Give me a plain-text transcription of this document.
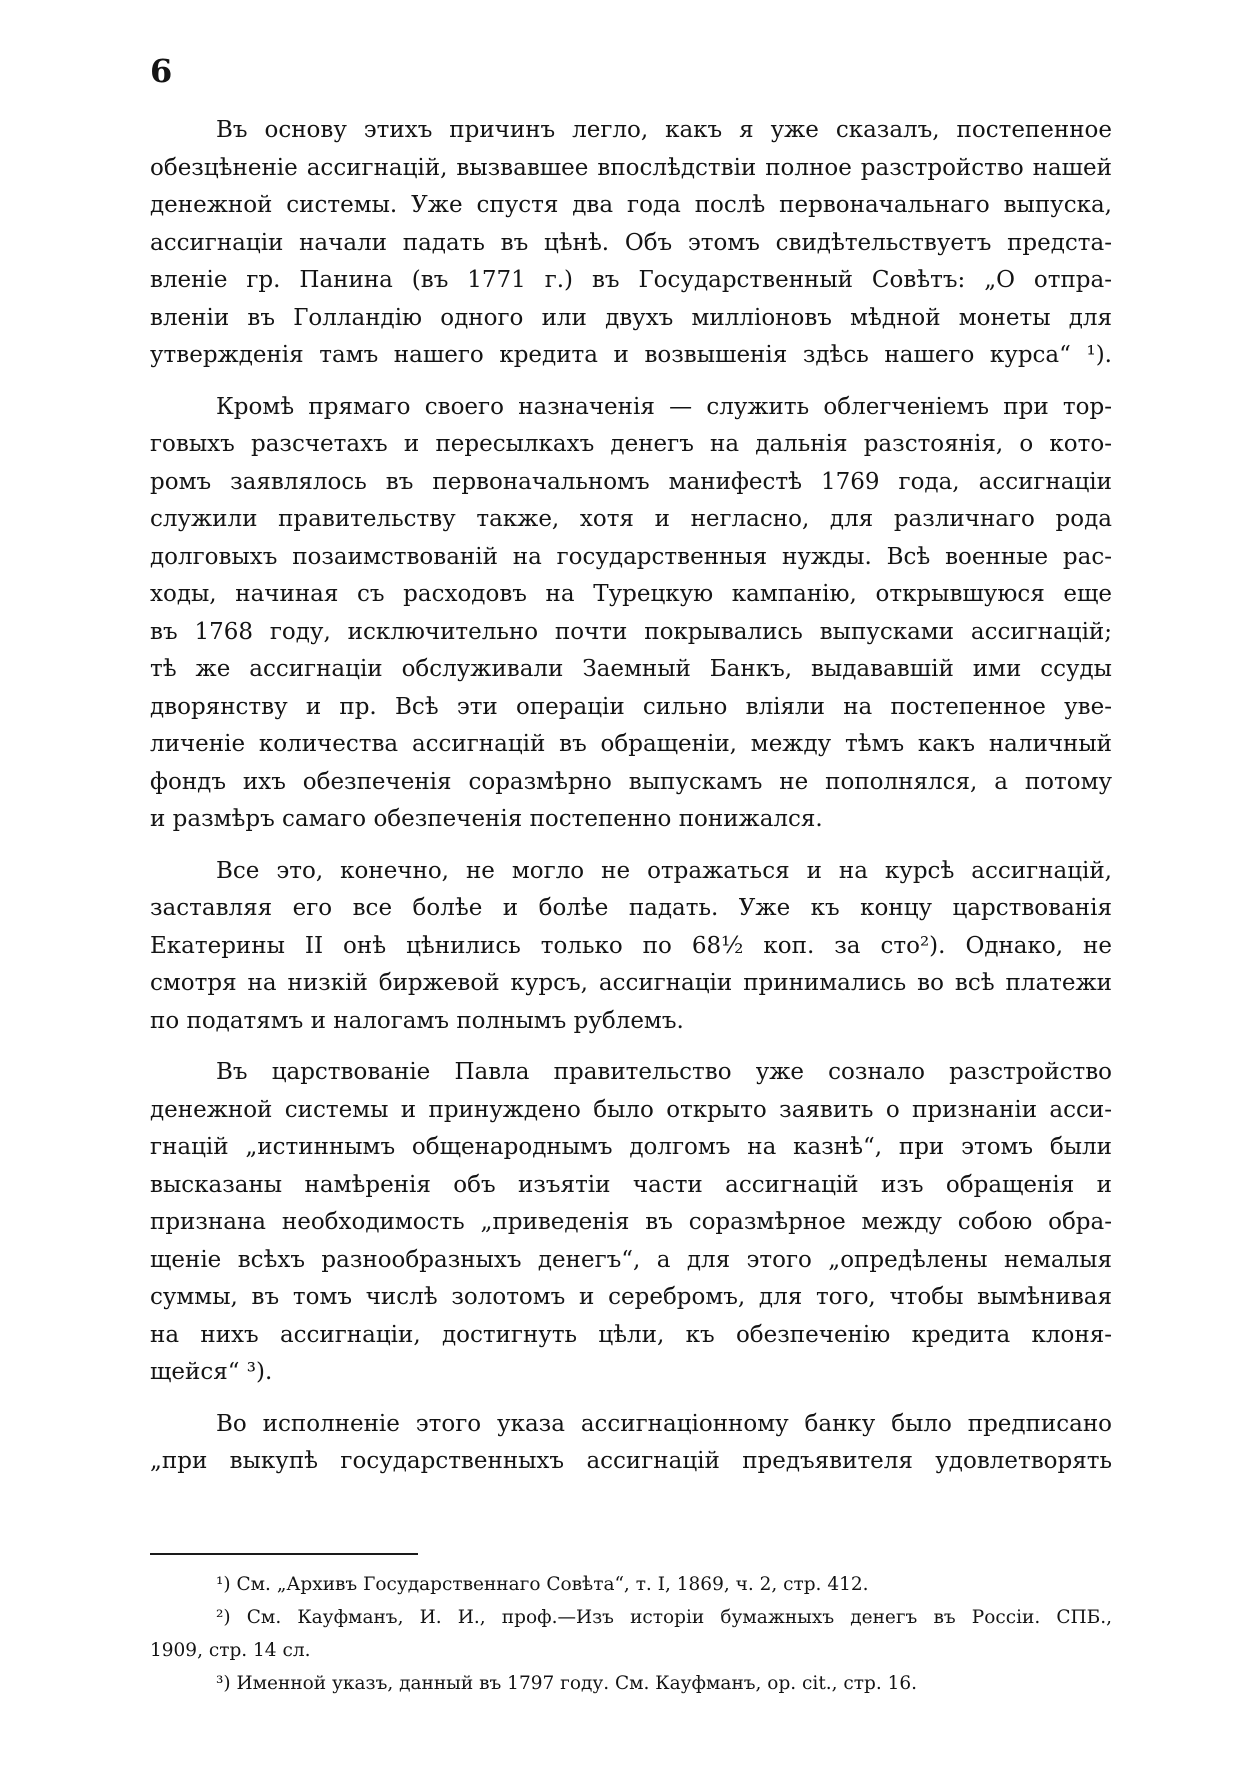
6
Въ основу этихъ причинъ легло, какъ я уже сказалъ, постепенное
обезцѣненіе ассигнацій, вызвавшее впослѣдствіи полное разстройство нашей
денежной системы. Уже спустя два года послѣ первоначальнаго выпуска,
ассигнаціи начали падать въ цѣнѣ. Объ этомъ свидѣтельствуетъ предста-
вленіе гр. Панина (въ 1771 г.) въ Государственный Совѣтъ: „О отпра-
вленіи въ Голландію одного или двухъ милліоновъ мѣдной монеты для
утвержденія тамъ нашего кредита и возвышенія здѣсь нашего курса“ ¹).
Кромѣ прямаго своего назначенія — служить облегченіемъ при тор-
говыхъ разсчетахъ и пересылкахъ денегъ на дальнія разстоянія, о кото-
ромъ заявлялось въ первоначальномъ манифестѣ 1769 года, ассигнаціи
служили правительству также, хотя и негласно, для различнаго рода
долговыхъ позаимствованій на государственныя нужды. Всѣ военные рас-
ходы, начиная съ расходовъ на Турецкую кампанію, открывшуюся еще
въ 1768 году, исключительно почти покрывались выпусками ассигнацій;
тѣ же ассигнаціи обслуживали Заемный Банкъ, выдававшій ими ссуды
дворянству и пр. Всѣ эти операціи сильно вліяли на постепенное уве-
личеніе количества ассигнацій въ обращеніи, между тѣмъ какъ наличный
фондъ ихъ обезпеченія соразмѣрно выпускамъ не пополнялся, а потому
и размѣръ самаго обезпеченія постепенно понижался.
Все это, конечно, не могло не отражаться и на курсѣ ассигнацій,
заставляя его все болѣе и болѣе падать. Уже къ концу царствованія
Екатерины II онѣ цѣнились только по 68½ коп. за сто²). Однако, не
смотря на низкій биржевой курсъ, ассигнаціи принимались во всѣ платежи
по податямъ и налогамъ полнымъ рублемъ.
Въ царствованіе Павла правительство уже сознало разстройство
денежной системы и принуждено было открыто заявить о признаніи асси-
гнацій „истиннымъ общенароднымъ долгомъ на казнѣ“, при этомъ были
высказаны намѣренія объ изъятіи части ассигнацій изъ обращенія и
признана необходимость „приведенія въ соразмѣрное между собою обра-
щеніе всѣхъ разнообразныхъ денегъ“, а для этого „опредѣлены немалыя
суммы, въ томъ числѣ золотомъ и серебромъ, для того, чтобы вымѣнивая
на нихъ ассигнаціи, достигнуть цѣли, къ обезпеченію кредита клоня-
щейся“ ³).
Во исполненіе этого указа ассигнаціонному банку было предписано
„при выкупѣ государственныхъ ассигнацій предъявителя удовлетворять
¹) См. „Архивъ Государственнаго Совѣта“, т. I, 1869, ч. 2, стр. 412.
²) См. Кауфманъ, И. И., проф.—Изъ исторіи бумажныхъ денегъ въ Россіи. СПБ.,
1909, стр. 14 сл.
³) Именной указъ, данный въ 1797 году. См. Кауфманъ, op. cit., стр. 16.
